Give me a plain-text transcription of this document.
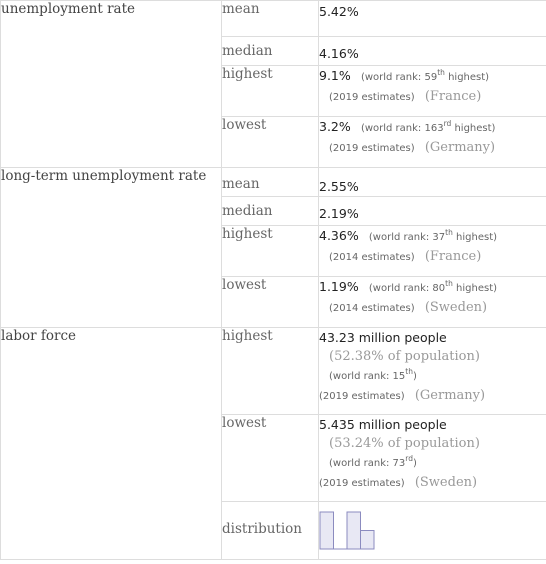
unemployment rate	mean	5.42%
	median	4.16%
	highest	9.1% (world rank: 59th highest)
(2019 estimates) (France)

	lowest	3.2% (world rank: 163rd highest)
(2019 estimates) (Germany)

long-term unemployment rate	mean	2.55%
	median	2.19%
	highest	4.36% (world rank: 37th highest)
(2014 estimates) (France)

	lowest	1.19% (world rank: 80th highest)
(2014 estimates) (Sweden)

labor force	highest	43.23 million people
(52.38% of population)
(world rank: 15th)
(2019 estimates) (Germany)

	lowest	5.435 million people
(53.24% of population)
(world rank: 73rd)
(2019 estimates) (Sweden)

	distribution	
